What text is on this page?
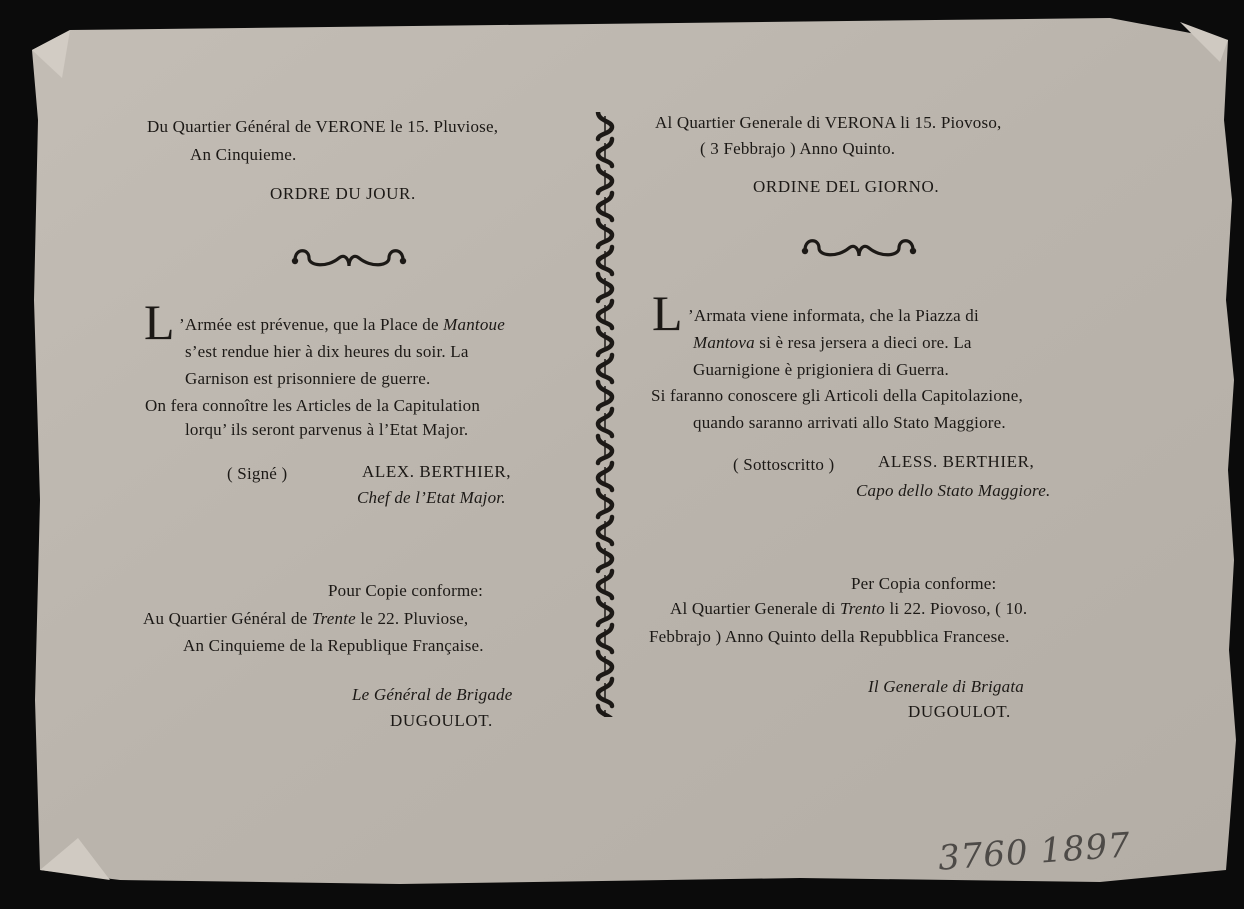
Du Quartier Général de VERONE le 15. Pluviose,
An Cinquieme.
ORDRE DU JOUR.
L ’Armée est prévenue, que la Place de Mantoue
s’est rendue hier à dix heures du soir. La
Garnison est prisonniere de guerre.
On fera connoître les Articles de la Capitulation
lorqu’ ils seront parvenus à l’Etat Major.
( Signé )	ALEX. BERTHIER,
Chef de l’Etat Major.
Pour Copie conforme:
Au Quartier Général de Trente le 22. Pluviose,
An Cinquieme de la Republique Française.
Le Général de Brigade
DUGOULOT.
Al Quartier Generale di VERONA li 15. Piovoso,
( 3 Febbrajo ) Anno Quinto.
ORDINE DEL GIORNO.
L ’Armata viene informata, che la Piazza di
Mantova si è resa jersera a dieci ore. La
Guarnigione è prigioniera di Guerra.
Si faranno conoscere gli Articoli della Capitolazione,
quando saranno arrivati allo Stato Maggiore.
( Sottoscritto )	ALESS. BERTHIER,
Capo dello Stato Maggiore.
Per Copia conforme:
Al Quartier Generale di Trento li 22. Piovoso, ( 10.
Febbrajo ) Anno Quinto della Repubblica Francese.
Il Generale di Brigata
DUGOULOT.
3760 1897
